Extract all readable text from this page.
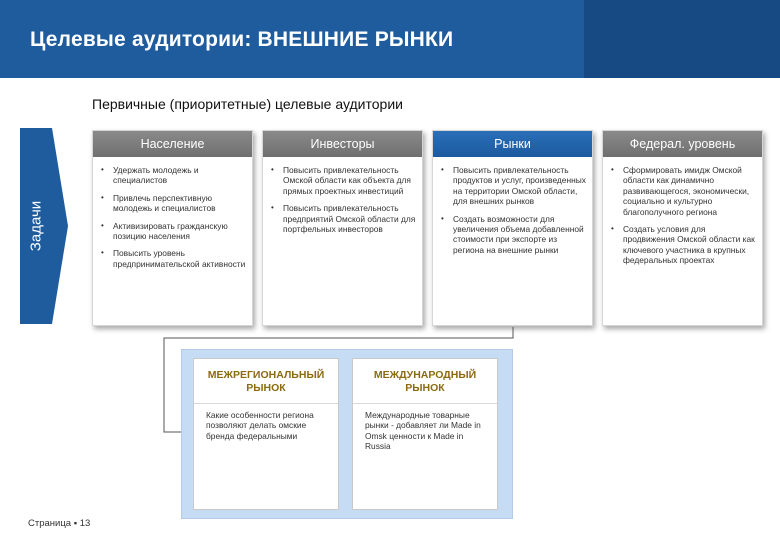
Целевые аудитории: ВНЕШНИЕ РЫНКИ
Первичные (приоритетные) целевые аудитории
Задачи
Население
• Удержать молодежь и специалистов
• Привлечь перспективную молодежь и специалистов
• Активизировать гражданскую позицию населения
• Повысить уровень предпринимательской активности
Инвесторы
• Повысить привлекательность Омской области как объекта для прямых проектных инвестиций
• Повысить привлекательность предприятий Омской области для портфельных инвесторов
Рынки
• Повысить привлекательность продуктов и услуг, произведенных на территории Омской области, для внешних рынков
• Создать возможности для увеличения объема добавленной стоимости при экспорте из региона на внешние рынки
Федерал. уровень
• Сформировать имидж Омской области как динамично развивающегося, экономически, социально и культурно благополучного региона
• Создать условия для продвижения Омской области как ключевого участника в крупных федеральных проектах
МЕЖРЕГИОНАЛЬНЫЙ РЫНОК
Какие особенности региона позволяют делать омские бренда федеральными
МЕЖДУНАРОДНЫЙ РЫНОК
Международные товарные рынки - добавляет ли Made in Omsk ценности к Made in Russia
Страница ▪ 13
